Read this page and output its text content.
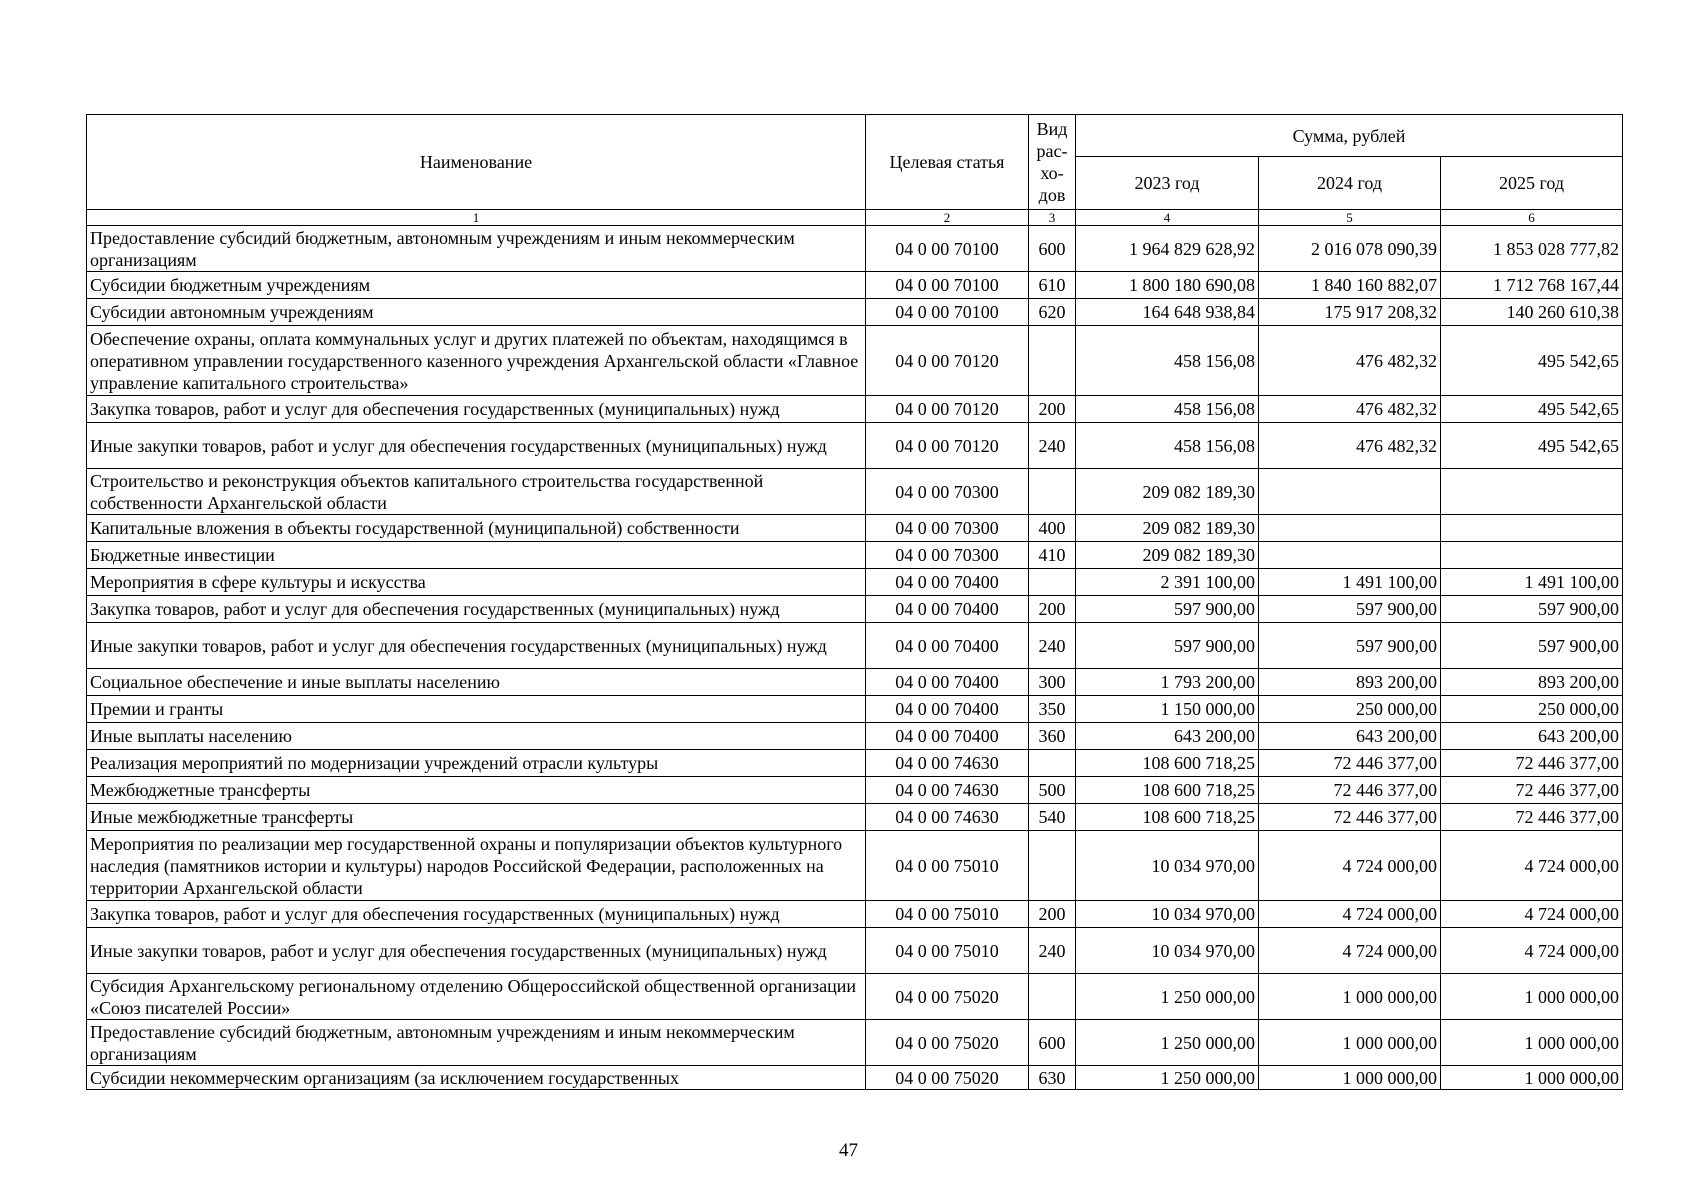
Наименование	Целевая статья	Вид рас-хо-дов	Сумма, рублей		
			2023 год	2024 год	2025 год
1	2	3	4	5	6
Предоставление субсидий бюджетным, автономным учреждениям и иным некоммерческим организациям	04 0 00 70100	600	1 964 829 628,92	2 016 078 090,39	1 853 028 777,82
Субсидии бюджетным учреждениям	04 0 00 70100	610	1 800 180 690,08	1 840 160 882,07	1 712 768 167,44
Субсидии автономным учреждениям	04 0 00 70100	620	164 648 938,84	175 917 208,32	140 260 610,38
Обеспечение охраны, оплата коммунальных услуг и других платежей по объектам, находящимся в оперативном управлении государственного казенного учреждения Архангельской области «Главное управление капитального строительства»	04 0 00 70120		458 156,08	476 482,32	495 542,65
Закупка товаров, работ и услуг для обеспечения государственных (муниципальных) нужд	04 0 00 70120	200	458 156,08	476 482,32	495 542,65
Иные закупки товаров, работ и услуг для обеспечения государственных (муниципальных) нужд	04 0 00 70120	240	458 156,08	476 482,32	495 542,65
Строительство и реконструкция объектов капитального строительства государственной собственности Архангельской области	04 0 00 70300		209 082 189,30		
Капитальные вложения в объекты государственной (муниципальной) собственности	04 0 00 70300	400	209 082 189,30		
Бюджетные инвестиции	04 0 00 70300	410	209 082 189,30		
Мероприятия в сфере культуры и искусства	04 0 00 70400		2 391 100,00	1 491 100,00	1 491 100,00
Закупка товаров, работ и услуг для обеспечения государственных (муниципальных) нужд	04 0 00 70400	200	597 900,00	597 900,00	597 900,00
Иные закупки товаров, работ и услуг для обеспечения государственных (муниципальных) нужд	04 0 00 70400	240	597 900,00	597 900,00	597 900,00
Социальное обеспечение и иные выплаты населению	04 0 00 70400	300	1 793 200,00	893 200,00	893 200,00
Премии и гранты	04 0 00 70400	350	1 150 000,00	250 000,00	250 000,00
Иные выплаты населению	04 0 00 70400	360	643 200,00	643 200,00	643 200,00
Реализация мероприятий по модернизации учреждений отрасли культуры	04 0 00 74630		108 600 718,25	72 446 377,00	72 446 377,00
Межбюджетные трансферты	04 0 00 74630	500	108 600 718,25	72 446 377,00	72 446 377,00
Иные межбюджетные трансферты	04 0 00 74630	540	108 600 718,25	72 446 377,00	72 446 377,00
Мероприятия по реализации мер государственной охраны и популяризации объектов культурного наследия (памятников истории и культуры) народов Российской Федерации, расположенных на территории Архангельской области	04 0 00 75010		10 034 970,00	4 724 000,00	4 724 000,00
Закупка товаров, работ и услуг для обеспечения государственных (муниципальных) нужд	04 0 00 75010	200	10 034 970,00	4 724 000,00	4 724 000,00
Иные закупки товаров, работ и услуг для обеспечения государственных (муниципальных) нужд	04 0 00 75010	240	10 034 970,00	4 724 000,00	4 724 000,00
Субсидия Архангельскому региональному отделению Общероссийской общественной организации «Союз писателей России»	04 0 00 75020		1 250 000,00	1 000 000,00	1 000 000,00
Предоставление субсидий бюджетным, автономным учреждениям и иным некоммерческим организациям	04 0 00 75020	600	1 250 000,00	1 000 000,00	1 000 000,00
Субсидии некоммерческим организациям (за исключением государственных	04 0 00 75020	630	1 250 000,00	1 000 000,00	1 000 000,00
47
